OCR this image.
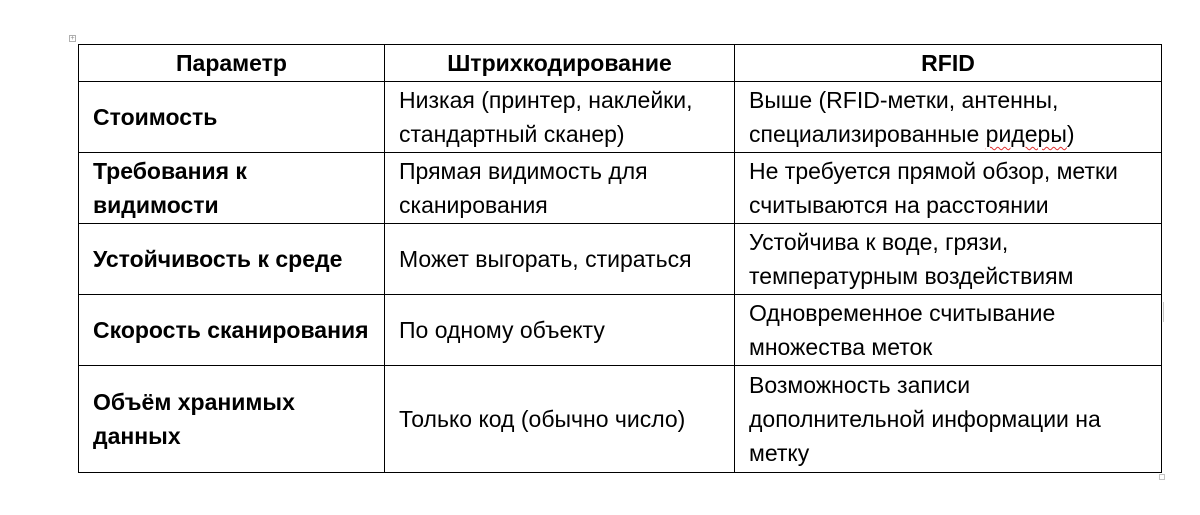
+
Параметр	Штрихкодирование	RFID
Стоимость	Низкая (принтер, наклейки, стандартный сканер)	Выше (RFID-метки, антенны, специализированные ридеры)
Требования к видимости	Прямая видимость для сканирования	Не требуется прямой обзор, метки считываются на расстоянии
Устойчивость к среде	Может выгорать, стираться	Устойчива к воде, грязи, температурным воздействиям
Скорость сканирования	По одному объекту	Одновременное считывание множества меток
Объём хранимых данных	Только код (обычно число)	Возможность записи дополнительной информации на метку
